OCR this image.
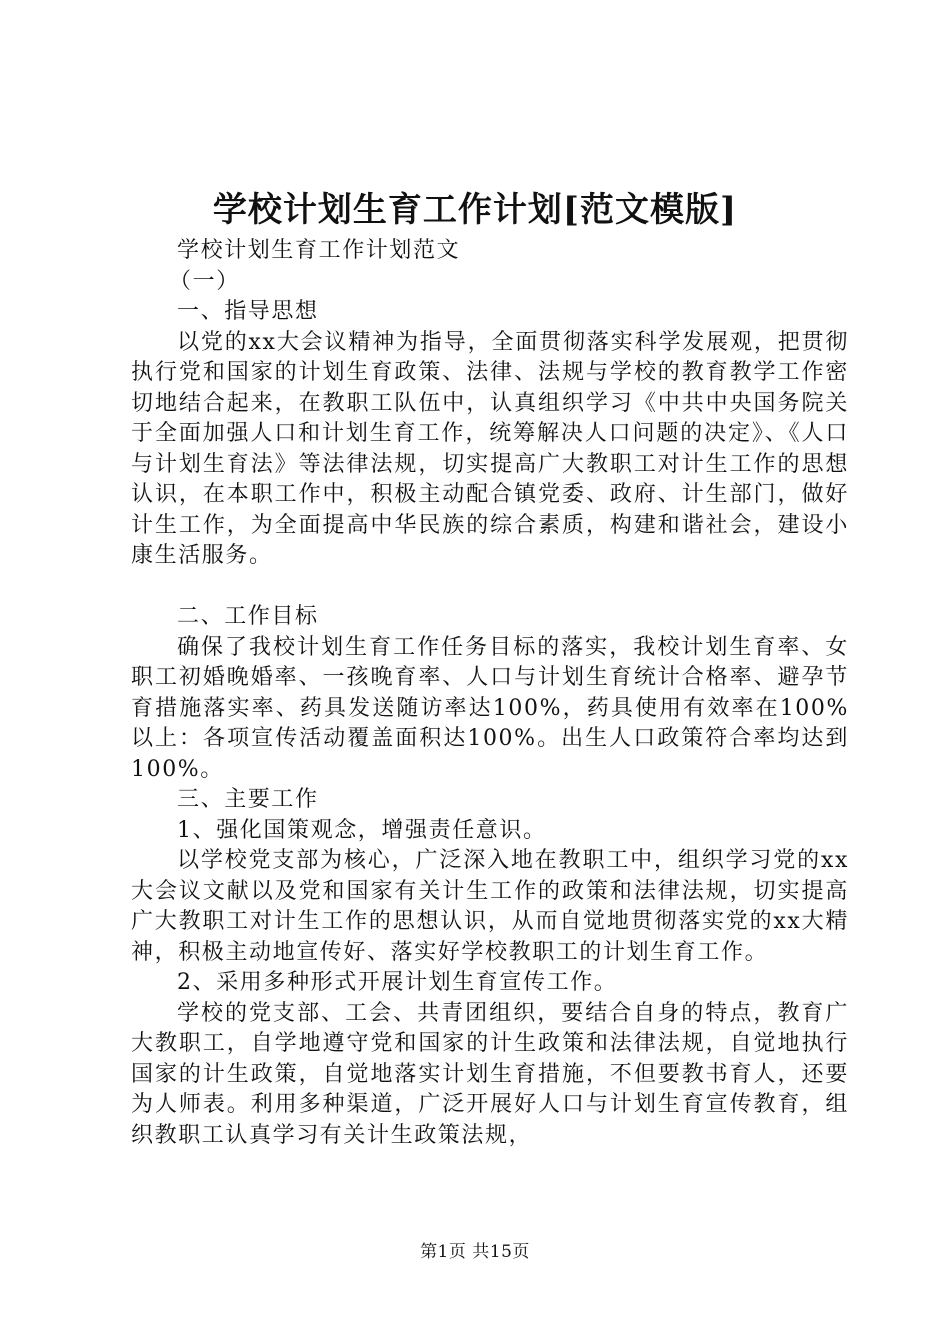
学校计划生育工作计划[范文模版]

学校计划生育工作计划范文

（一）

一、指导思想

以党的xx大会议精神为指导，全面贯彻落实科学发展观，把贯彻执行党和国家的计划生育政策、法律、法规与学校的教育教学工作密切地结合起来，在教职工队伍中，认真组织学习《中共中央国务院关于全面加强人口和计划生育工作，统筹解决人口问题的决定》、《人口与计划生育法》等法律法规，切实提高广大教职工对计生工作的思想认识，在本职工作中，积极主动配合镇党委、政府、计生部门，做好计生工作，为全面提高中华民族的综合素质，构建和谐社会，建设小康生活服务。

二、工作目标

确保了我校计划生育工作任务目标的落实，我校计划生育率、女职工初婚晚婚率、一孩晚育率、人口与计划生育统计合格率、避孕节育措施落实率、药具发送随访率达100%，药具使用有效率在100%以上：各项宣传活动覆盖面积达100%。出生人口政策符合率均达到100%。

三、主要工作

1、强化国策观念，增强责任意识。

以学校党支部为核心，广泛深入地在教职工中，组织学习党的xx大会议文献以及党和国家有关计生工作的政策和法律法规，切实提高广大教职工对计生工作的思想认识，从而自觉地贯彻落实党的xx大精神，积极主动地宣传好、落实好学校教职工的计划生育工作。

2、采用多种形式开展计划生育宣传工作。

学校的党支部、工会、共青团组织，要结合自身的特点，教育广大教职工，自学地遵守党和国家的计生政策和法律法规，自觉地执行国家的计生政策，自觉地落实计划生育措施，不但要教书育人，还要为人师表。利用多种渠道，广泛开展好人口与计划生育宣传教育，组织教职工认真学习有关计生政策法规，

第1页 共15页
